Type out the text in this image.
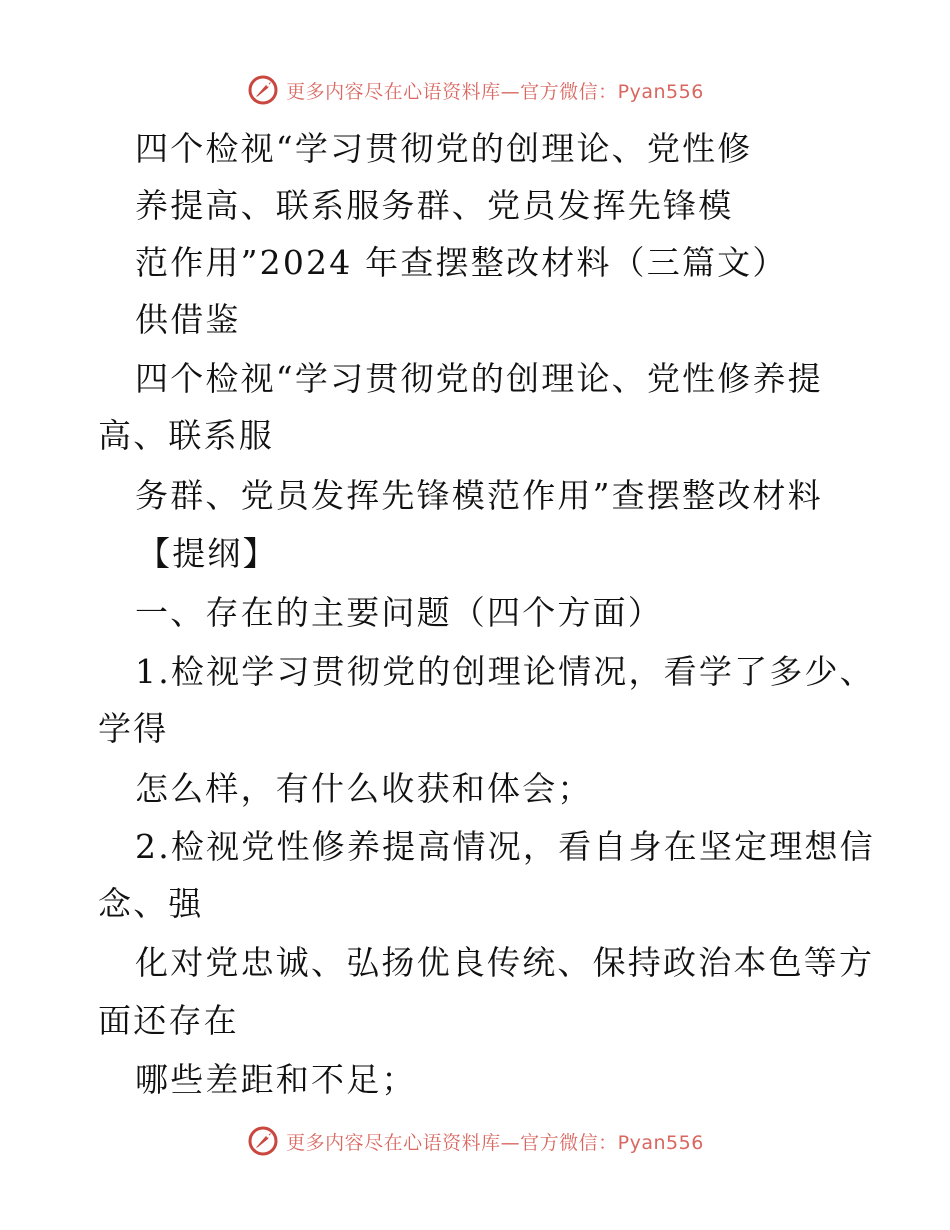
更多内容尽在心语资料库—官方微信：Pyan556
四个检视“学习贯彻党的创理论、党性修
养提高、联系服务群、党员发挥先锋模
范作用”2024 年查摆整改材料（三篇文）
供借鉴
四个检视“学习贯彻党的创理论、党性修养提
高、联系服
务群、党员发挥先锋模范作用”查摆整改材料
【提纲】
一、存在的主要问题（四个方面）
1.检视学习贯彻党的创理论情况，看学了多少、
学得
怎么样，有什么收获和体会；
2.检视党性修养提高情况，看自身在坚定理想信
念、强
化对党忠诚、弘扬优良传统、保持政治本色等方
面还存在
哪些差距和不足；
更多内容尽在心语资料库—官方微信：Pyan556
